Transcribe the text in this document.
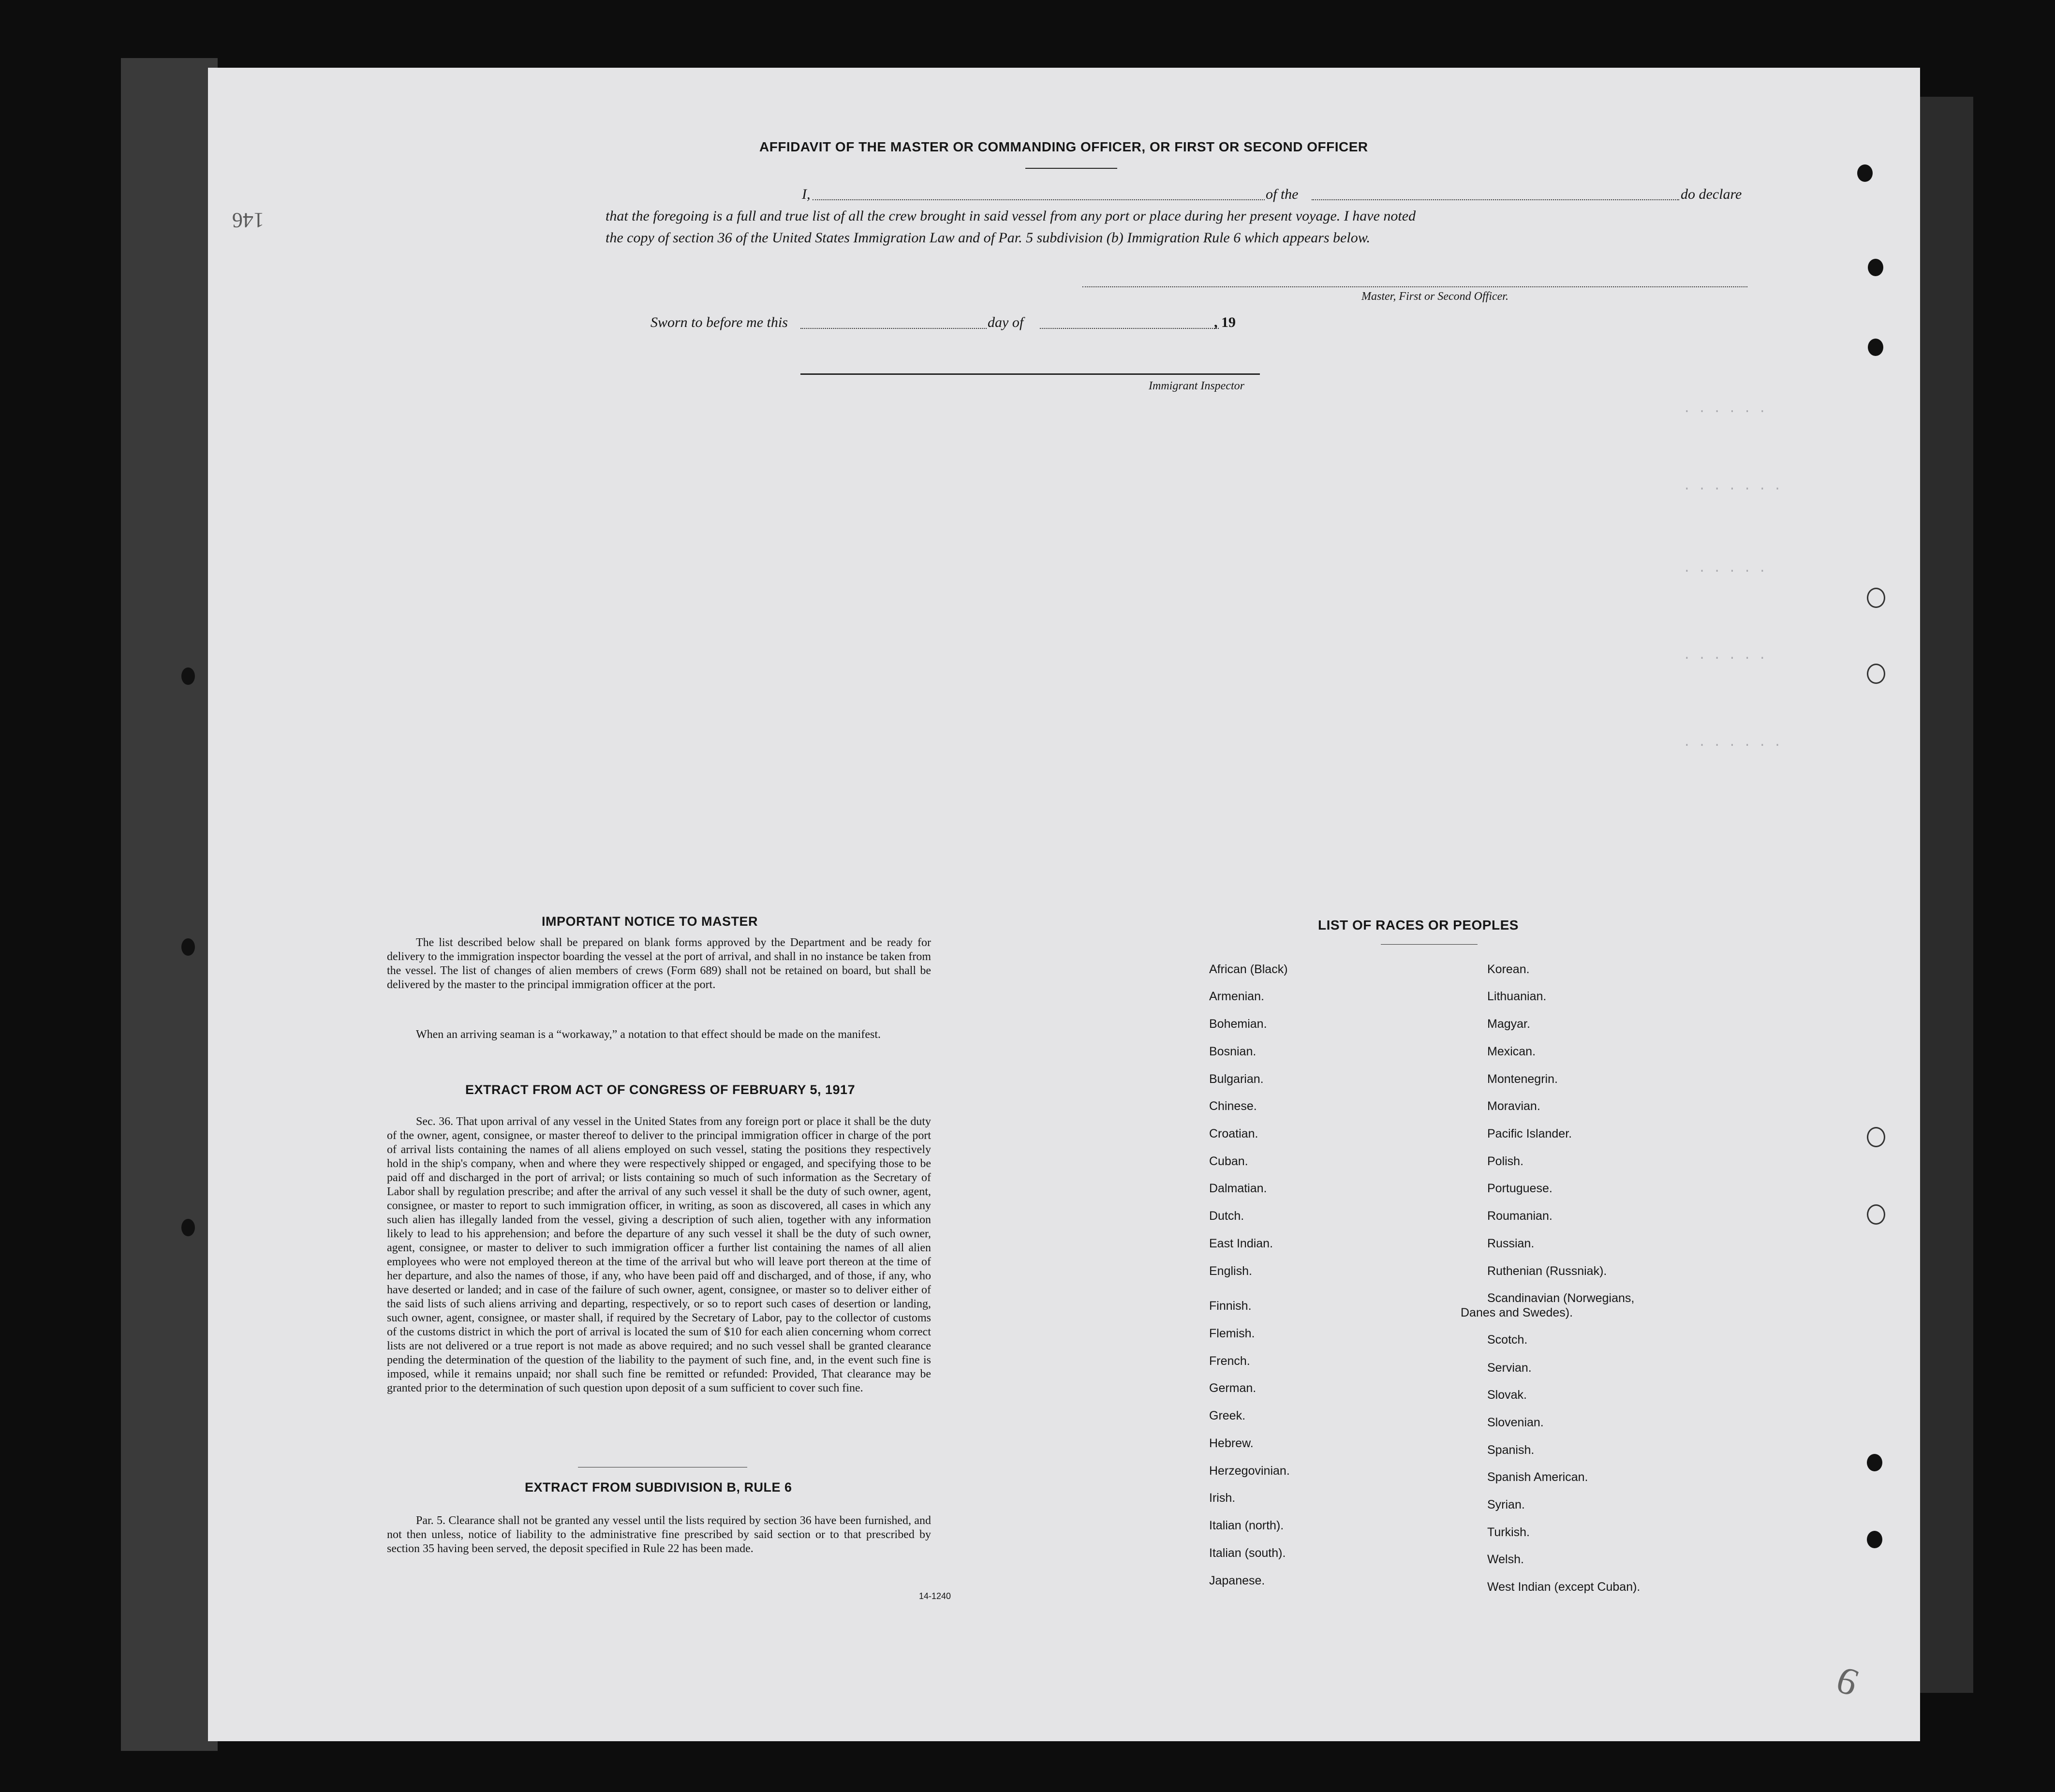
AFFIDAVIT OF THE MASTER OR COMMANDING OFFICER, OR FIRST OR SECOND OFFICER
I,	of the	do declare
that the foregoing is a full and true list of all the crew brought in said vessel from any port or place during her present voyage. I have noted
the copy of section 36 of the United States Immigration Law and of Par. 5 subdivision (b) Immigration Rule 6 which appears below.
Master, First or Second Officer.
Sworn to before me this	day of	, 19
Immigrant Inspector
. . . . . .
. . . . . . .
. . . . . .
. . . . . .
. . . . . . .
IMPORTANT NOTICE TO MASTER
The list described below shall be prepared on blank forms approved by the Department and be ready for delivery to the immigration inspector boarding the vessel at the port of arrival, and shall in no instance be taken from the vessel. The list of changes of alien members of crews (Form 689) shall not be retained on board, but shall be delivered by the master to the principal immigration officer at the port.
When an arriving seaman is a “workaway,” a notation to that effect should be made on the manifest.
EXTRACT FROM ACT OF CONGRESS OF FEBRUARY 5, 1917
Sec. 36. That upon arrival of any vessel in the United States from any foreign port or place it shall be the duty of the owner, agent, consignee, or master thereof to deliver to the principal immigration officer in charge of the port of arrival lists containing the names of all aliens employed on such vessel, stating the positions they respectively hold in the ship's company, when and where they were respectively shipped or engaged, and specifying those to be paid off and discharged in the port of arrival; or lists containing so much of such information as the Secretary of Labor shall by regulation prescribe; and after the arrival of any such vessel it shall be the duty of such owner, agent, consignee, or master to report to such immigration officer, in writing, as soon as discovered, all cases in which any such alien has illegally landed from the vessel, giving a description of such alien, together with any information likely to lead to his apprehension; and before the departure of any such vessel it shall be the duty of such owner, agent, consignee, or master to deliver to such immigration officer a further list containing the names of all alien employees who were not employed thereon at the time of the arrival but who will leave port thereon at the time of her departure, and also the names of those, if any, who have been paid off and discharged, and of those, if any, who have deserted or landed; and in case of the failure of such owner, agent, consignee, or master so to deliver either of the said lists of such aliens arriving and departing, respectively, or so to report such cases of desertion or landing, such owner, agent, consignee, or master shall, if required by the Secretary of Labor, pay to the collector of customs of the customs district in which the port of arrival is located the sum of $10 for each alien concerning whom correct lists are not delivered or a true report is not made as above required; and no such vessel shall be granted clearance pending the determination of the question of the liability to the payment of such fine, and, in the event such fine is imposed, while it remains unpaid; nor shall such fine be remitted or refunded: Provided, That clearance may be granted prior to the determination of such question upon deposit of a sum sufficient to cover such fine.
EXTRACT FROM SUBDIVISION B, RULE 6
Par. 5. Clearance shall not be granted any vessel until the lists required by section 36 have been furnished, and not then unless, notice of liability to the administrative fine prescribed by said section or to that prescribed by section 35 having been served, the deposit specified in Rule 22 has been made.
14-1240
LIST OF RACES OR PEOPLES
146
9
African (Black)
Armenian.
Bohemian.
Bosnian.
Bulgarian.
Chinese.
Croatian.
Cuban.
Dalmatian.
Dutch.
East Indian.
English.
Finnish.
Flemish.
French.
German.
Greek.
Hebrew.
Herzegovinian.
Irish.
Italian (north).
Italian (south).
Japanese.
Korean.
Lithuanian.
Magyar.
Mexican.
Montenegrin.
Moravian.
Pacific Islander.
Polish.
Portuguese.
Roumanian.
Russian.
Ruthenian (Russniak).
Scandinavian (Norwegians,
Danes and Swedes).
Scotch.
Servian.
Slovak.
Slovenian.
Spanish.
Spanish American.
Syrian.
Turkish.
Welsh.
West Indian (except Cuban).
